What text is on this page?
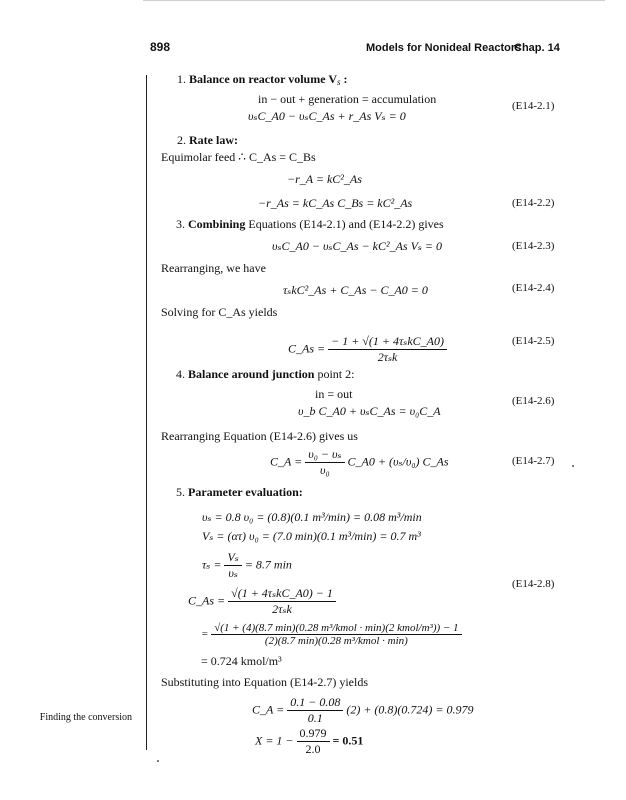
898	Models for Nonideal Reactors
Chap. 14
1. Balance on reactor volume Vs :
in − out + generation = accumulation
υₛC_A0 − υₛC_As + r_As Vₛ = 0
(E14-2.1)
2. Rate law:
Equimolar feed ∴ C_As = C_Bs
−r_A = kC²_As
−r_As = kC_As C_Bs = kC²_As	(E14-2.2)
3. Combining Equations (E14-2.1) and (E14-2.2) gives
υₛC_A0 − υₛC_As − kC²_As Vₛ = 0	(E14-2.3)
Rearranging, we have
τₛkC²_As + C_As − C_A0 = 0	(E14-2.4)
Solving for C_As yields
C_As = $\frac{\text{− 1 + √(1 + 4τₛkC\_A0)}}{\text{2τₛk}}$	(E14-2.5)
4. Balance around junction point 2:
in = out
υ_b C_A0 + υₛC_As = υ₀C_A
(E14-2.6)
Rearranging Equation (E14-2.6) gives us
C_A = $\frac{\text{υ₀ − υₛ}}{\text{υ₀}}$ C_A0 + (υₛ/υ₀) C_As	(E14-2.7)
5. Parameter evaluation:
υₛ = 0.8 υ₀ = (0.8)(0.1 m³/min) = 0.08 m³/min
Vₛ = (ατ) υ₀ = (7.0 min)(0.1 m³/min) = 0.7 m³
$\tau_s = \frac{\text{Vₛ}}{\text{υₛ}} = 8.7$ min
C_As = $\frac{\text{√(1 + 4τₛkC\_A0) − 1}}{\text{2τₛk}}$
(E14-2.8)
= $\frac{\text{√(1 + (4)(8.7 min)(0.28 m³/kmol · min)(2 kmol/m³)) − 1}}{\text{(2)(8.7 min)(0.28 m³/kmol · min)}}$
= 0.724 kmol/m³
Substituting into Equation (E14-2.7) yields
C_A = $\frac{0.1 - 0.08}{0.1} (2) + (0.8)(0.724) = 0.979$
$X = 1 - \frac{0.979}{2.0} = 0.51$
Finding the conversion
